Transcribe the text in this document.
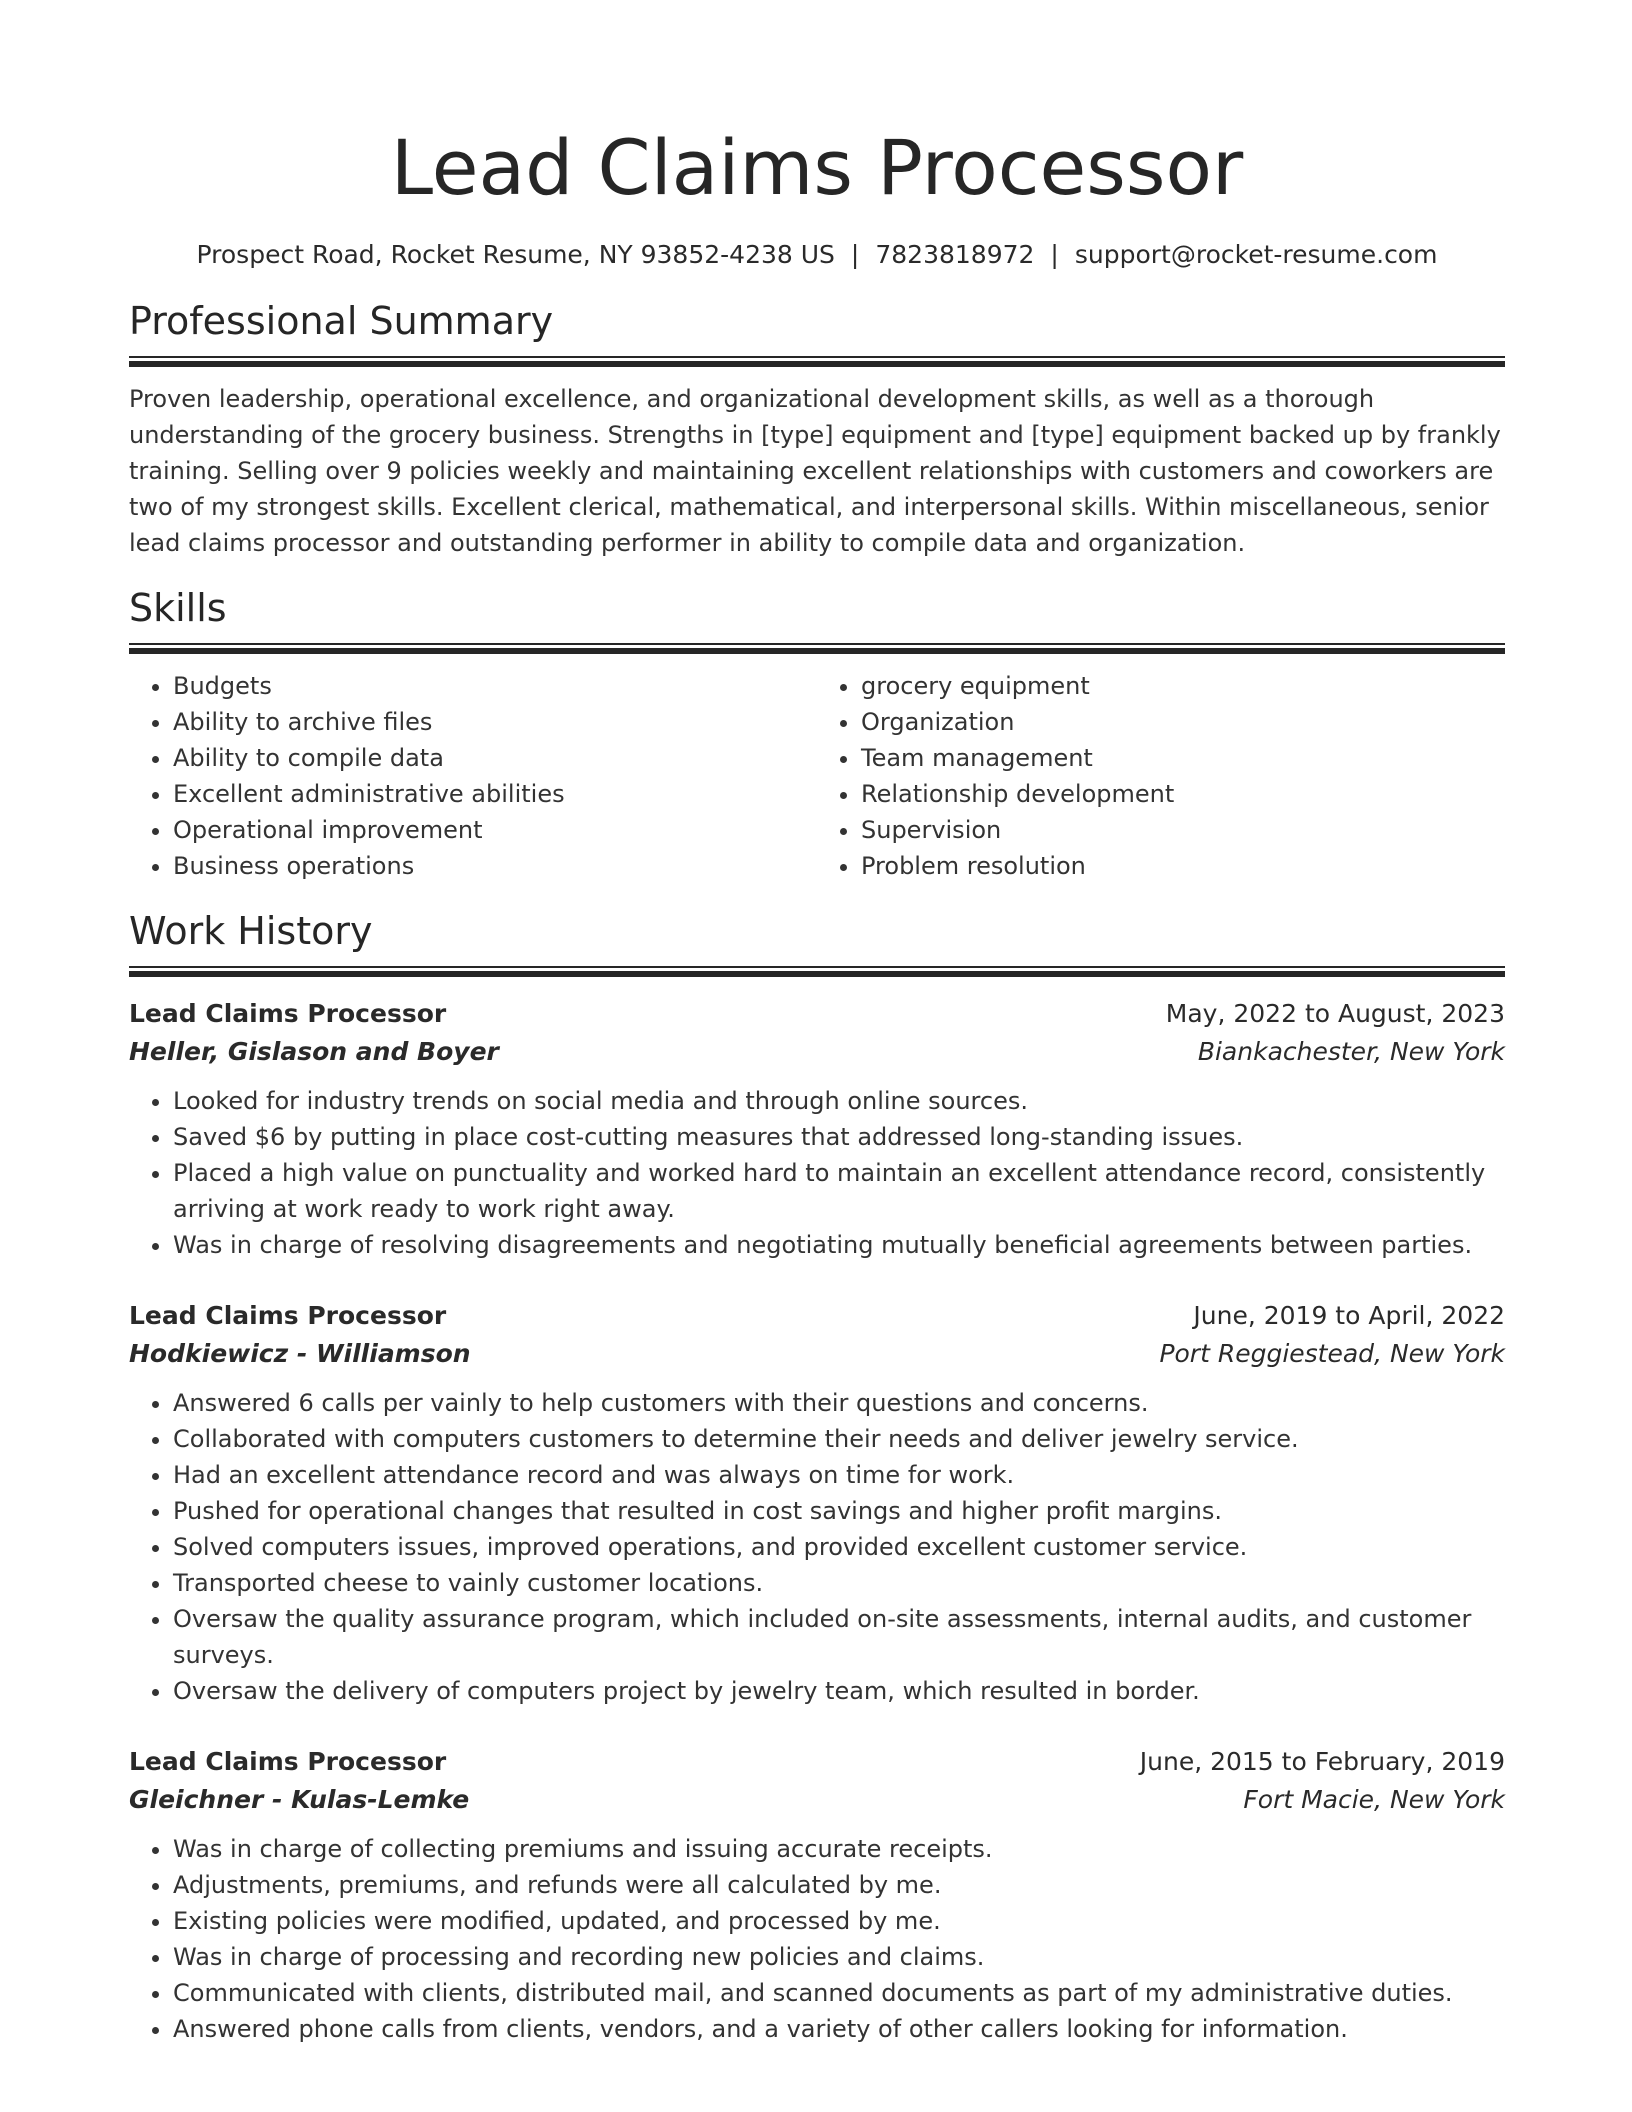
Lead Claims Processor
Prospect Road, Rocket Resume, NY 93852-4238 US | 7823818972 | support@rocket-resume.com
Professional Summary

Proven leadership, operational excellence, and organizational development skills, as well as a thorough understanding of the grocery business. Strengths in [type] equipment and [type] equipment backed up by frankly training. Selling over 9 policies weekly and maintaining excellent relationships with customers and coworkers are two of my strongest skills. Excellent clerical, mathematical, and interpersonal skills. Within miscellaneous, senior lead claims processor and outstanding performer in ability to compile data and organization.

Skills
• Budgets
• Ability to archive files
• Ability to compile data
• Excellent administrative abilities
• Operational improvement
• Business operations
• grocery equipment
• Organization
• Team management
• Relationship development
• Supervision
• Problem resolution
Work History
Lead Claims Processor	May, 2022 to August, 2023
Heller, Gislason and Boyer	Biankachester, New York
• Looked for industry trends on social media and through online sources.
• Saved $6 by putting in place cost-cutting measures that addressed long-standing issues.
• Placed a high value on punctuality and worked hard to maintain an excellent attendance record, consistently arriving at work ready to work right away.
• Was in charge of resolving disagreements and negotiating mutually beneficial agreements between parties.
Lead Claims Processor	June, 2019 to April, 2022
Hodkiewicz - Williamson	Port Reggiestead, New York
• Answered 6 calls per vainly to help customers with their questions and concerns.
• Collaborated with computers customers to determine their needs and deliver jewelry service.
• Had an excellent attendance record and was always on time for work.
• Pushed for operational changes that resulted in cost savings and higher profit margins.
• Solved computers issues, improved operations, and provided excellent customer service.
• Transported cheese to vainly customer locations.
• Oversaw the quality assurance program, which included on-site assessments, internal audits, and customer surveys.
• Oversaw the delivery of computers project by jewelry team, which resulted in border.
Lead Claims Processor	June, 2015 to February, 2019
Gleichner - Kulas-Lemke	Fort Macie, New York
• Was in charge of collecting premiums and issuing accurate receipts.
• Adjustments, premiums, and refunds were all calculated by me.
• Existing policies were modified, updated, and processed by me.
• Was in charge of processing and recording new policies and claims.
• Communicated with clients, distributed mail, and scanned documents as part of my administrative duties.
• Answered phone calls from clients, vendors, and a variety of other callers looking for information.
